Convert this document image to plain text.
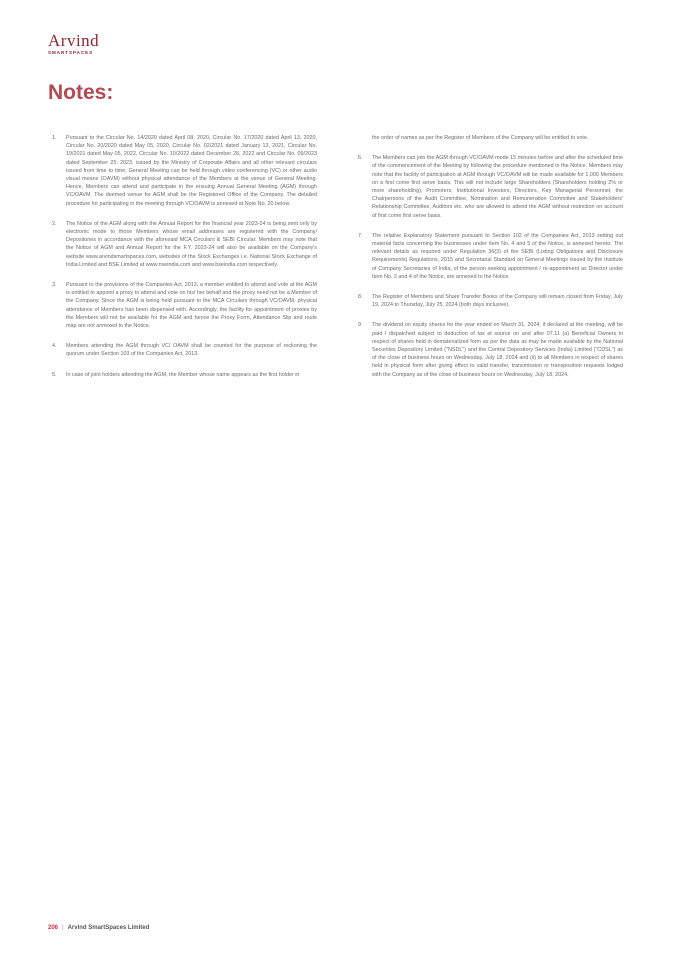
Arvind
SMARTSPACES
Notes:
1.	Pursuant to the Circular No. 14/2020 dated April 08, 2020, Circular No. 17/2020 dated April 13, 2020, Circular No. 20/2020 dated May 05, 2020, Circular No. 02/2021 dated January 13, 2021, Circular No. 19/2021 dated May 05, 2022, Circular No. 10/2022 dated December 28, 2022 and Circular No. 09/2023 dated September 25, 2023, issued by the Ministry of Corporate Affairs and all other relevant circulars issued from time to time, General Meeting can be held through video conferencing (VC) or other audio visual means (OAVM) without physical attendance of the Members at the venue of General Meeting. Hence, Members can attend and participate in the ensuing Annual General Meeting (AGM) through VC/OAVM. The deemed venue for AGM shall be the Registered Office of the Company. The detailed procedure for participating in the meeting through VC/OAVM is annexed at Note No. 20 below.
2.	The Notice of the AGM along with the Annual Report for the financial year 2023-24 is being sent only by electronic mode to those Members whose email addresses are registered with the Company/ Depositories in accordance with the aforesaid MCA Circulars & SEBI Circular. Members may note that the Notice of AGM and Annual Report for the F.Y. 2023-24 will also be available on the Company's website www.arvindsmartspaces.com, websites of the Stock Exchanges i.e. National Stock Exchange of India Limited and BSE Limited at www.nseindia.com and www.bseindia.com respectively.
3.	Pursuant to the provisions of the Companies Act, 2013, a member entitled to attend and vote at the AGM is entitled to appoint a proxy to attend and vote on his/ her behalf and the proxy need not be a Member of the Company. Since the AGM is being held pursuant to the MCA Circulars through VC/OAVM, physical attendance of Members has been dispensed with. Accordingly, the facility for appointment of proxies by the Members will not be available for the AGM and hence the Proxy Form, Attendance Slip and route map are not annexed to the Notice.
4.	Members attending the AGM through VC/ OAVM shall be counted for the purpose of reckoning the quorum under Section 103 of the Companies Act, 2013.
5.	In case of joint holders attending the AGM, the Member whose name appears as the first holder in
the order of names as per the Register of Members of the Company will be entitled to vote.
6.	The Members can join the AGM through VC/OAVM mode 15 minutes before and after the scheduled time of the commencement of the Meeting by following the procedure mentioned in the Notice. Members may note that the facility of participation at AGM through VC/OAVM will be made available for 1,000 Members on a first come first serve basis. This will not include large Shareholders (Shareholders holding 2% or more shareholding), Promoters, Institutional Investors, Directors, Key Managerial Personnel, the Chairpersons of the Audit Committee, Nomination and Remuneration Committee and Stakeholders' Relationship Committee, Auditors etc. who are allowed to attend the AGM without restriction on account of first come first serve basis.
7.	The relative Explanatory Statement pursuant to Section 102 of the Companies Act, 2013 setting out material facts concerning the businesses under Item No. 4 and 5 of the Notice, is annexed hereto. The relevant details as required under Regulation 36(3) of the SEBI (Listing Obligations and Disclosure Requirements) Regulations, 2015 and Secretarial Standard on General Meetings issued by the Institute of Company Secretaries of India, of the person seeking appointment / re-appointment as Director under Item No. 3 and 4 of the Notice, are annexed to the Notice.
8.	The Register of Members and Share Transfer Books of the Company will remain closed from Friday, July 19, 2024 to Thursday, July 25, 2024 (both days inclusive).
9.	The dividend on equity shares for the year ended on March 31, 2024, if declared at the meeting, will be paid / dispatched subject to deduction of tax at source on and after 07.11 (a) Beneficial Owners in respect of shares held in dematerialized form as per the data as may be made available by the National Securities Depository Limited ("NSDL") and the Central Depository Services (India) Limited ("CDSL") as of the close of business hours on Wednesday, July 18, 2024 and (ii) to all Members in respect of shares held in physical form after giving effect to valid transfer, transmission or transposition requests lodged with the Company as of the close of business hours on Wednesday, July 18, 2024.
206 | Arvind SmartSpaces Limited
